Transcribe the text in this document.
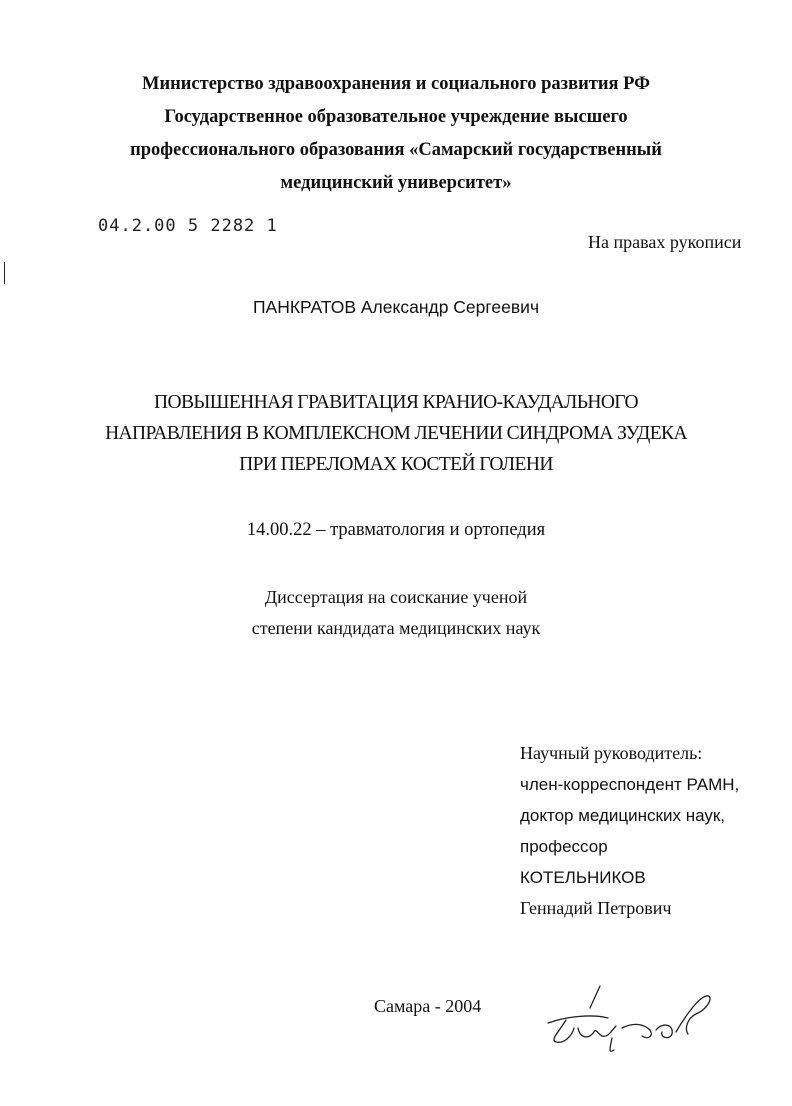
Министерство здравоохранения и социального развития РФ
Государственное образовательное учреждение высшего
профессионального образования «Самарский государственный
медицинский университет»
04.2.00 5 2282 1
На правах рукописи
ПАНКРАТОВ Александр Сергеевич
ПОВЫШЕННАЯ ГРАВИТАЦИЯ КРАНИО-КАУДАЛЬНОГО
НАПРАВЛЕНИЯ В КОМПЛЕКСНОМ ЛЕЧЕНИИ СИНДРОМА ЗУДЕКА
ПРИ ПЕРЕЛОМАХ КОСТЕЙ ГОЛЕНИ
14.00.22 – травматология и ортопедия
Диссертация на соискание ученой
степени кандидата медицинских наук
Научный руководитель:
член-корреспондент РАМН,
доктор медицинских наук,
профессор
КОТЕЛЬНИКОВ
Геннадий Петрович
Самара - 2004
